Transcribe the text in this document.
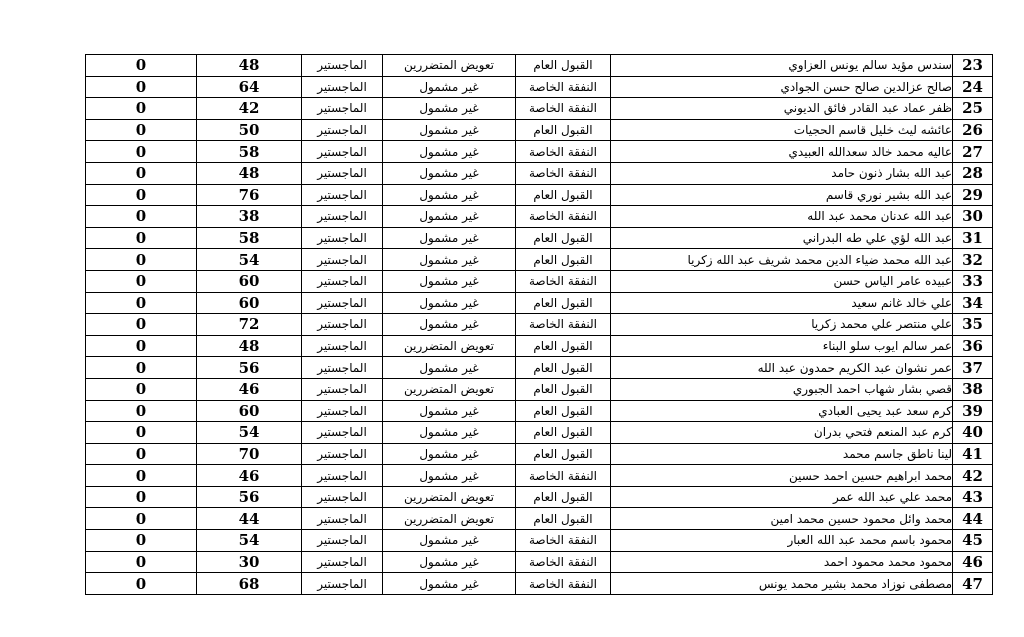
0	48	الماجستير	تعويض المتضررين	القبول العام	سندس مؤيد سالم يونس العزاوي	23
0	64	الماجستير	غير مشمول	النفقة الخاصة	صالح عزالدين صالح حسن الجوادي	24
0	42	الماجستير	غير مشمول	النفقة الخاصة	ظفر عماد عبد القادر فائق الديوني	25
0	50	الماجستير	غير مشمول	القبول العام	عائشه ليث خليل قاسم الحجيات	26
0	58	الماجستير	غير مشمول	النفقة الخاصة	عاليه محمد خالد سعدالله العبيدي	27
0	48	الماجستير	غير مشمول	النفقة الخاصة	عبد الله بشار ذنون حامد	28
0	76	الماجستير	غير مشمول	القبول العام	عبد الله بشير نوري قاسم	29
0	38	الماجستير	غير مشمول	النفقة الخاصة	عبد الله عدنان محمد عبد الله	30
0	58	الماجستير	غير مشمول	القبول العام	عبد الله لؤي علي طه البدراني	31
0	54	الماجستير	غير مشمول	القبول العام	عبد الله محمد ضياء الدين محمد شريف عبد الله زكريا	32
0	60	الماجستير	غير مشمول	النفقة الخاصة	عبيده عامر الياس حسن	33
0	60	الماجستير	غير مشمول	القبول العام	علي خالد غانم سعيد	34
0	72	الماجستير	غير مشمول	النفقة الخاصة	علي منتصر علي محمد زكريا	35
0	48	الماجستير	تعويض المتضررين	القبول العام	عمر سالم ايوب سلو البناء	36
0	56	الماجستير	غير مشمول	القبول العام	عمر نشوان عبد الكريم حمدون عبد الله	37
0	46	الماجستير	تعويض المتضررين	القبول العام	قصي بشار شهاب احمد الجبوري	38
0	60	الماجستير	غير مشمول	القبول العام	كرم سعد عبد يحيى العبادي	39
0	54	الماجستير	غير مشمول	القبول العام	كرم عبد المنعم فتحي بدران	40
0	70	الماجستير	غير مشمول	القبول العام	لينا ناطق جاسم محمد	41
0	46	الماجستير	غير مشمول	النفقة الخاصة	محمد ابراهيم حسين احمد حسين	42
0	56	الماجستير	تعويض المتضررين	القبول العام	محمد علي عبد الله عمر	43
0	44	الماجستير	تعويض المتضررين	القبول العام	محمد وائل محمود حسين محمد امين	44
0	54	الماجستير	غير مشمول	النفقة الخاصة	محمود باسم محمد عبد الله العبار	45
0	30	الماجستير	غير مشمول	النفقة الخاصة	محمود محمد محمود احمد	46
0	68	الماجستير	غير مشمول	النفقة الخاصة	مصطفى نوزاد محمد بشير محمد يونس	47
